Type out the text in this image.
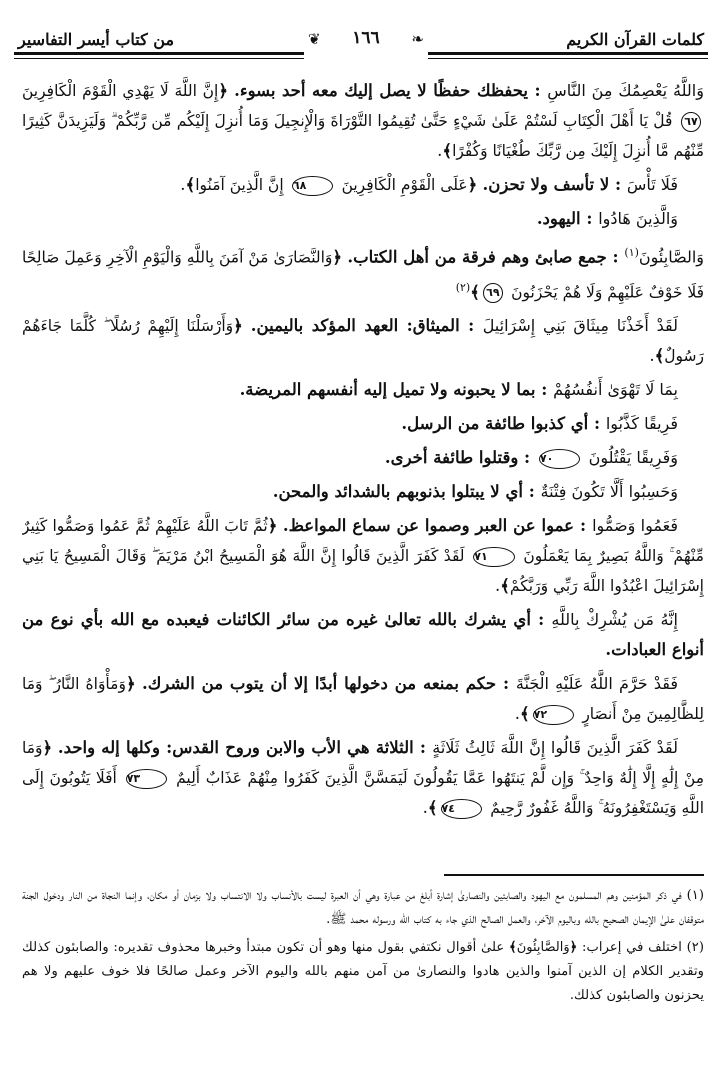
كلمات القرآن الكريم
❦	١٦٦	❧
من كتاب أيسر التفاسير

وَاللَّهُ يَعْصِمُكَ مِنَ النَّاسِ : يحفظك حفظًا لا يصل إليك معه أحد بسوء. ﴿إِنَّ اللَّهَ لَا يَهْدِي الْقَوْمَ الْكَافِرِينَ ٦٧ قُلْ يَا أَهْلَ الْكِتَابِ لَسْتُمْ عَلَىٰ شَيْءٍ حَتَّىٰ تُقِيمُوا التَّوْرَاةَ وَالْإِنجِيلَ وَمَا أُنزِلَ إِلَيْكُم مِّن رَّبِّكُمْ ۗ وَلَيَزِيدَنَّ كَثِيرًا مِّنْهُم مَّا أُنزِلَ إِلَيْكَ مِن رَّبِّكَ طُغْيَانًا وَكُفْرًا﴾.

فَلَا تَأْسَ : لا تأسف ولا تحزن. ﴿عَلَى الْقَوْمِ الْكَافِرِينَ ٦٨ إِنَّ الَّذِينَ آمَنُوا﴾.

وَالَّذِينَ هَادُوا : اليهود.

وَالصَّابِئُونَ$^{(١)}$ : جمع صابئ وهم فرقة من أهل الكتاب. ﴿وَالنَّصَارَىٰ مَنْ آمَنَ بِاللَّهِ وَالْيَوْمِ الْآخِرِ وَعَمِلَ صَالِحًا فَلَا خَوْفٌ عَلَيْهِمْ وَلَا هُمْ يَحْزَنُونَ ٦٩﴾$^{(٢)}$

لَقَدْ أَخَذْنَا مِيثَاقَ بَنِي إِسْرَائِيلَ : الميثاق: العهد المؤكد باليمين. ﴿وَأَرْسَلْنَا إِلَيْهِمْ رُسُلًا ۖ كُلَّمَا جَاءَهُمْ رَسُولٌ﴾.

بِمَا لَا تَهْوَىٰ أَنفُسُهُمْ : بما لا يحبونه ولا تميل إليه أنفسهم المريضة.

فَرِيقًا كَذَّبُوا : أي كذبوا طائفة من الرسل.

وَفَرِيقًا يَقْتُلُونَ ٧٠ : وقتلوا طائفة أخرى.

وَحَسِبُوا أَلَّا تَكُونَ فِتْنَةٌ : أي لا يبتلوا بذنوبهم بالشدائد والمحن.

فَعَمُوا وَصَمُّوا : عموا عن العبر وصموا عن سماع المواعظ. ﴿ثُمَّ تَابَ اللَّهُ عَلَيْهِمْ ثُمَّ عَمُوا وَصَمُّوا كَثِيرٌ مِّنْهُمْ ۚ وَاللَّهُ بَصِيرٌ بِمَا يَعْمَلُونَ ٧١ لَقَدْ كَفَرَ الَّذِينَ قَالُوا إِنَّ اللَّهَ هُوَ الْمَسِيحُ ابْنُ مَرْيَمَ ۖ وَقَالَ الْمَسِيحُ يَا بَنِي إِسْرَائِيلَ اعْبُدُوا اللَّهَ رَبِّي وَرَبَّكُمْ﴾.

إِنَّهُ مَن يُشْرِكْ بِاللَّهِ : أي يشرك بالله تعالىٰ غيره من سائر الكائنات فيعبده مع الله بأي نوع من أنواع العبادات.

فَقَدْ حَرَّمَ اللَّهُ عَلَيْهِ الْجَنَّةَ : حكم بمنعه من دخولها أبدًا إلا أن يتوب من الشرك. ﴿وَمَأْوَاهُ النَّارُ ۖ وَمَا لِلظَّالِمِينَ مِنْ أَنصَارٍ ٧٢﴾.

لَقَدْ كَفَرَ الَّذِينَ قَالُوا إِنَّ اللَّهَ ثَالِثُ ثَلَاثَةٍ : الثلاثة هي الأب والابن وروح القدس: وكلها إله واحد. ﴿وَمَا مِنْ إِلَٰهٍ إِلَّا إِلَٰهٌ وَاحِدٌ ۚ وَإِن لَّمْ يَنتَهُوا عَمَّا يَقُولُونَ لَيَمَسَّنَّ الَّذِينَ كَفَرُوا مِنْهُمْ عَذَابٌ أَلِيمٌ ٧٣ أَفَلَا يَتُوبُونَ إِلَى اللَّهِ وَيَسْتَغْفِرُونَهُ ۚ وَاللَّهُ غَفُورٌ رَّحِيمٌ ٧٤﴾.

(١) في ذكر المؤمنين وهم المسلمون مع اليهود والصابئين والنصارىٰ إشارة أبلغ من عبارة وهي أن العبرة ليست بالأنساب ولا الانتساب ولا بزمان أو مكان، وإنما النجاة من النار ودخول الجنة متوقفان علىٰ الإيمان الصحيح بالله وباليوم الآخر، والعمل الصالح الذي جاء به كتاب الله ورسوله محمد ﷺ.

(٢) اختلف في إعراب: ﴿وَالصَّابِئُونَ﴾ علىٰ أقوال نكتفي بقول منها وهو أن تكون مبتدأ وخبرها محذوف تقديره: والصابئون كذلك وتقدير الكلام إن الذين آمنوا والذين هادوا والنصارىٰ من آمن منهم بالله واليوم الآخر وعمل صالحًا فلا خوف عليهم ولا هم يحزنون والصابئون كذلك.
